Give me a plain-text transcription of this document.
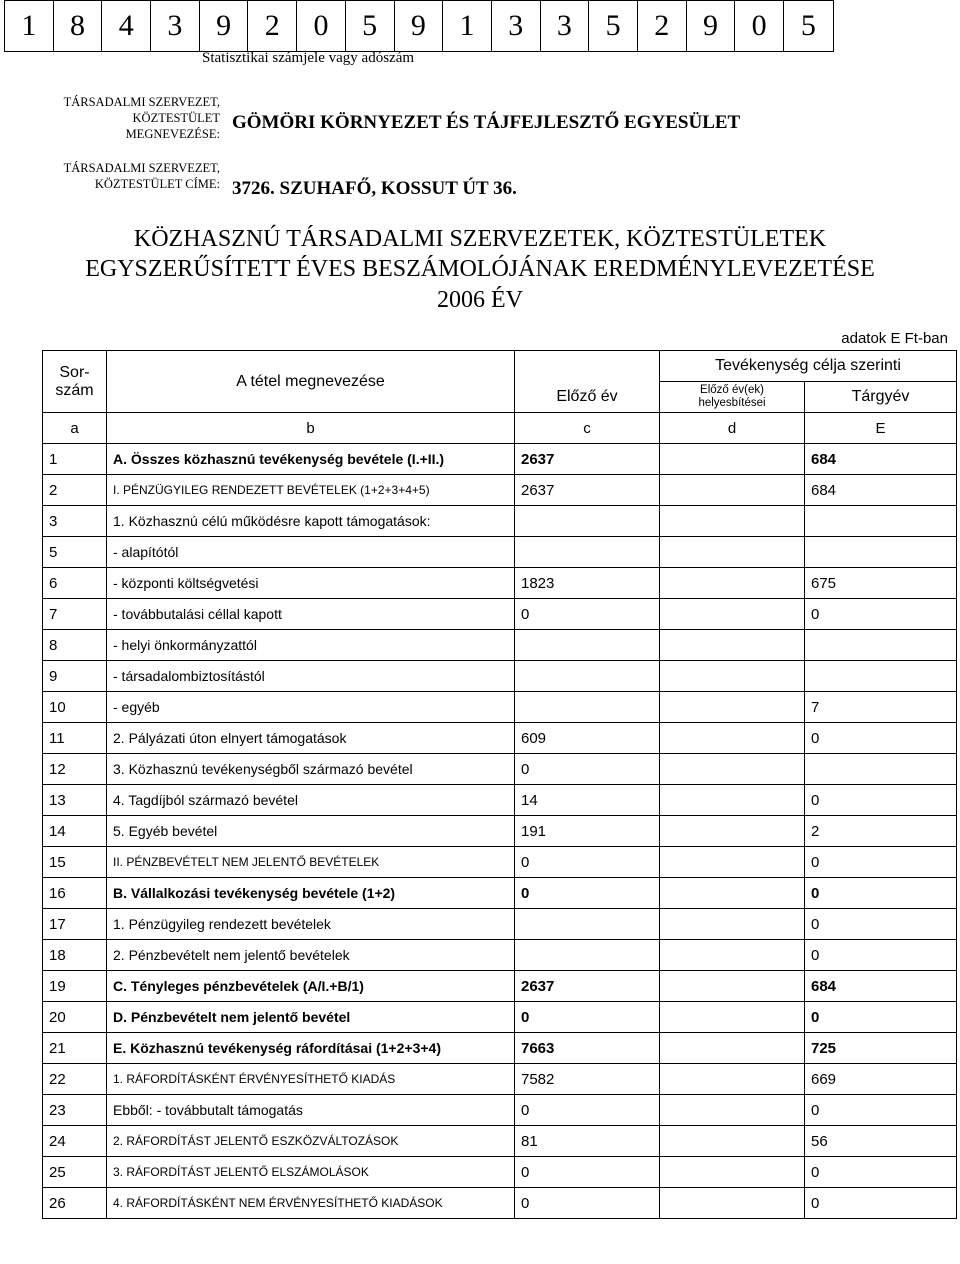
1	8	4	3	9	2	0	5	9	1	3	3	5	2	9	0	5
Statisztikai számjele vagy adószám
TÁRSADALMI SZERVEZET,
KÖZTESTÜLET MEGNEVEZÉSE:
GÖMÖRI KÖRNYEZET ÉS TÁJFEJLESZTŐ EGYESÜLET
TÁRSADALMI SZERVEZET,
KÖZTESTÜLET CÍME: 3726. SZUHAFŐ, KOSSUT ÚT 36.
KÖZHASZNÚ TÁRSADALMI SZERVEZETEK, KÖZTESTÜLETEK
EGYSZERŰSÍTETT ÉVES BESZÁMOLÓJÁNAK EREDMÉNYLEVEZETÉSE
2006 ÉV
adatok E Ft-ban
Sor-
szám	A tétel megnevezése		Tevékenység célja szerinti	
		Előző év	Előző év(ek)
helyesbítései	Tárgyév
a	b	c	d	E
1	A. Összes közhasznú tevékenység bevétele (I.+II.)	2637		684
2	I. PÉNZÜGYILEG RENDEZETT BEVÉTELEK (1+2+3+4+5)	2637		684
3	1. Közhasznú célú működésre kapott támogatások:			
5	- alapítótól			
6	- központi költségvetési	1823		675
7	- továbbutalási céllal kapott	0		0
8	- helyi önkormányzattól			
9	- társadalombiztosítástól			
10	- egyéb			7
11	2. Pályázati úton elnyert támogatások	609		0
12	3. Közhasznú tevékenységből származó bevétel	0		
13	4. Tagdíjból származó bevétel	14		0
14	5. Egyéb bevétel	191		2
15	II. PÉNZBEVÉTELT NEM JELENTŐ BEVÉTELEK	0		0
16	B. Vállalkozási tevékenység bevétele (1+2)	0		0
17	1. Pénzügyileg rendezett bevételek			0
18	2. Pénzbevételt nem jelentő bevételek			0
19	C. Tényleges pénzbevételek (A/I.+B/1)	2637		684
20	D. Pénzbevételt nem jelentő bevétel	0		0
21	E. Közhasznú tevékenység ráfordításai (1+2+3+4)	7663		725
22	1. RÁFORDÍTÁSKÉNT ÉRVÉNYESÍTHETŐ KIADÁS	7582		669
23	Ebből: - továbbutalt támogatás	0		0
24	2. RÁFORDÍTÁST JELENTŐ ESZKÖZVÁLTOZÁSOK	81		56
25	3. RÁFORDÍTÁST JELENTŐ ELSZÁMOLÁSOK	0		0
26	4. RÁFORDÍTÁSKÉNT NEM ÉRVÉNYESÍTHETŐ KIADÁSOK	0		0
